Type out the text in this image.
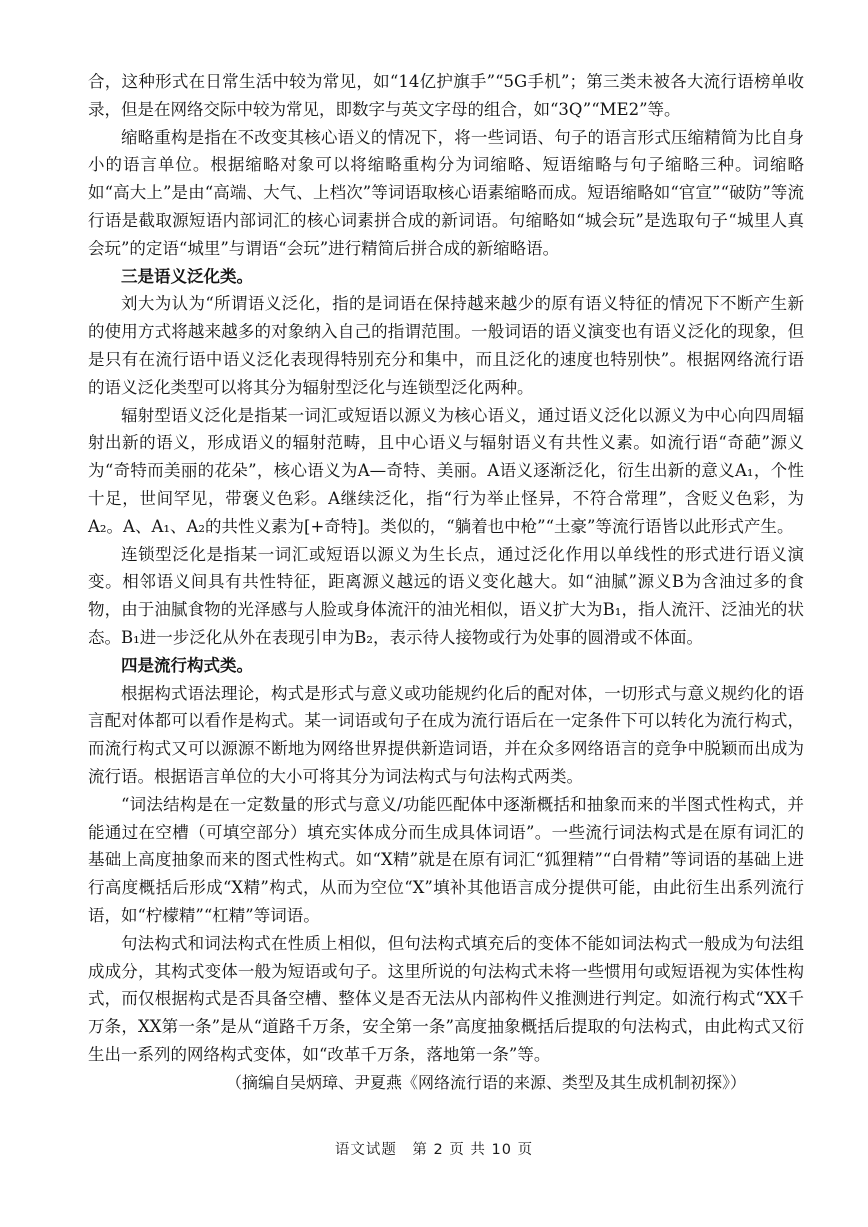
合，这种形式在日常生活中较为常见，如“14亿护旗手”“5G手机”；第三类未被各大流行语榜单收录，但是在网络交际中较为常见，即数字与英文字母的组合，如“3Q”“ME2”等。

缩略重构是指在不改变其核心语义的情况下，将一些词语、句子的语言形式压缩精简为比自身小的语言单位。根据缩略对象可以将缩略重构分为词缩略、短语缩略与句子缩略三种。词缩略如“高大上”是由“高端、大气、上档次”等词语取核心语素缩略而成。短语缩略如“官宣”“破防”等流行语是截取源短语内部词汇的核心词素拼合成的新词语。句缩略如“城会玩”是选取句子“城里人真会玩”的定语“城里”与谓语“会玩”进行精简后拼合成的新缩略语。

三是语义泛化类。

刘大为认为“所谓语义泛化，指的是词语在保持越来越少的原有语义特征的情况下不断产生新的使用方式将越来越多的对象纳入自己的指谓范围。一般词语的语义演变也有语义泛化的现象，但是只有在流行语中语义泛化表现得特别充分和集中，而且泛化的速度也特别快”。根据网络流行语的语义泛化类型可以将其分为辐射型泛化与连锁型泛化两种。

辐射型语义泛化是指某一词汇或短语以源义为核心语义，通过语义泛化以源义为中心向四周辐射出新的语义，形成语义的辐射范畴，且中心语义与辐射语义有共性义素。如流行语“奇葩”源义为“奇特而美丽的花朵”，核心语义为A—奇特、美丽。A语义逐渐泛化，衍生出新的意义A₁，个性十足，世间罕见，带褒义色彩。A继续泛化，指“行为举止怪异，不符合常理”，含贬义色彩，为A₂。A、A₁、A₂的共性义素为[+奇特]。类似的，“躺着也中枪”“土豪”等流行语皆以此形式产生。

连锁型泛化是指某一词汇或短语以源义为生长点，通过泛化作用以单线性的形式进行语义演变。相邻语义间具有共性特征，距离源义越远的语义变化越大。如“油腻”源义B为含油过多的食物，由于油腻食物的光泽感与人脸或身体流汗的油光相似，语义扩大为B₁，指人流汗、泛油光的状态。B₁进一步泛化从外在表现引申为B₂，表示待人接物或行为处事的圆滑或不体面。

四是流行构式类。

根据构式语法理论，构式是形式与意义或功能规约化后的配对体，一切形式与意义规约化的语言配对体都可以看作是构式。某一词语或句子在成为流行语后在一定条件下可以转化为流行构式，而流行构式又可以源源不断地为网络世界提供新造词语，并在众多网络语言的竞争中脱颖而出成为流行语。根据语言单位的大小可将其分为词法构式与句法构式两类。

“词法结构是在一定数量的形式与意义/功能匹配体中逐渐概括和抽象而来的半图式性构式，并能通过在空槽（可填空部分）填充实体成分而生成具体词语”。一些流行词法构式是在原有词汇的基础上高度抽象而来的图式性构式。如“X精”就是在原有词汇“狐狸精”“白骨精”等词语的基础上进行高度概括后形成“X精”构式，从而为空位“X”填补其他语言成分提供可能，由此衍生出系列流行语，如“柠檬精”“杠精”等词语。

句法构式和词法构式在性质上相似，但句法构式填充后的变体不能如词法构式一般成为句法组成成分，其构式变体一般为短语或句子。这里所说的句法构式未将一些惯用句或短语视为实体性构式，而仅根据构式是否具备空槽、整体义是否无法从内部构件义推测进行判定。如流行构式“XX千万条，XX第一条”是从“道路千万条，安全第一条”高度抽象概括后提取的句法构式，由此构式又衍生出一系列的网络构式变体，如“改革千万条，落地第一条”等。

（摘编自吴炳璋、尹夏燕《网络流行语的来源、类型及其生成机制初探》）

语文试题　第 2 页 共 10 页
